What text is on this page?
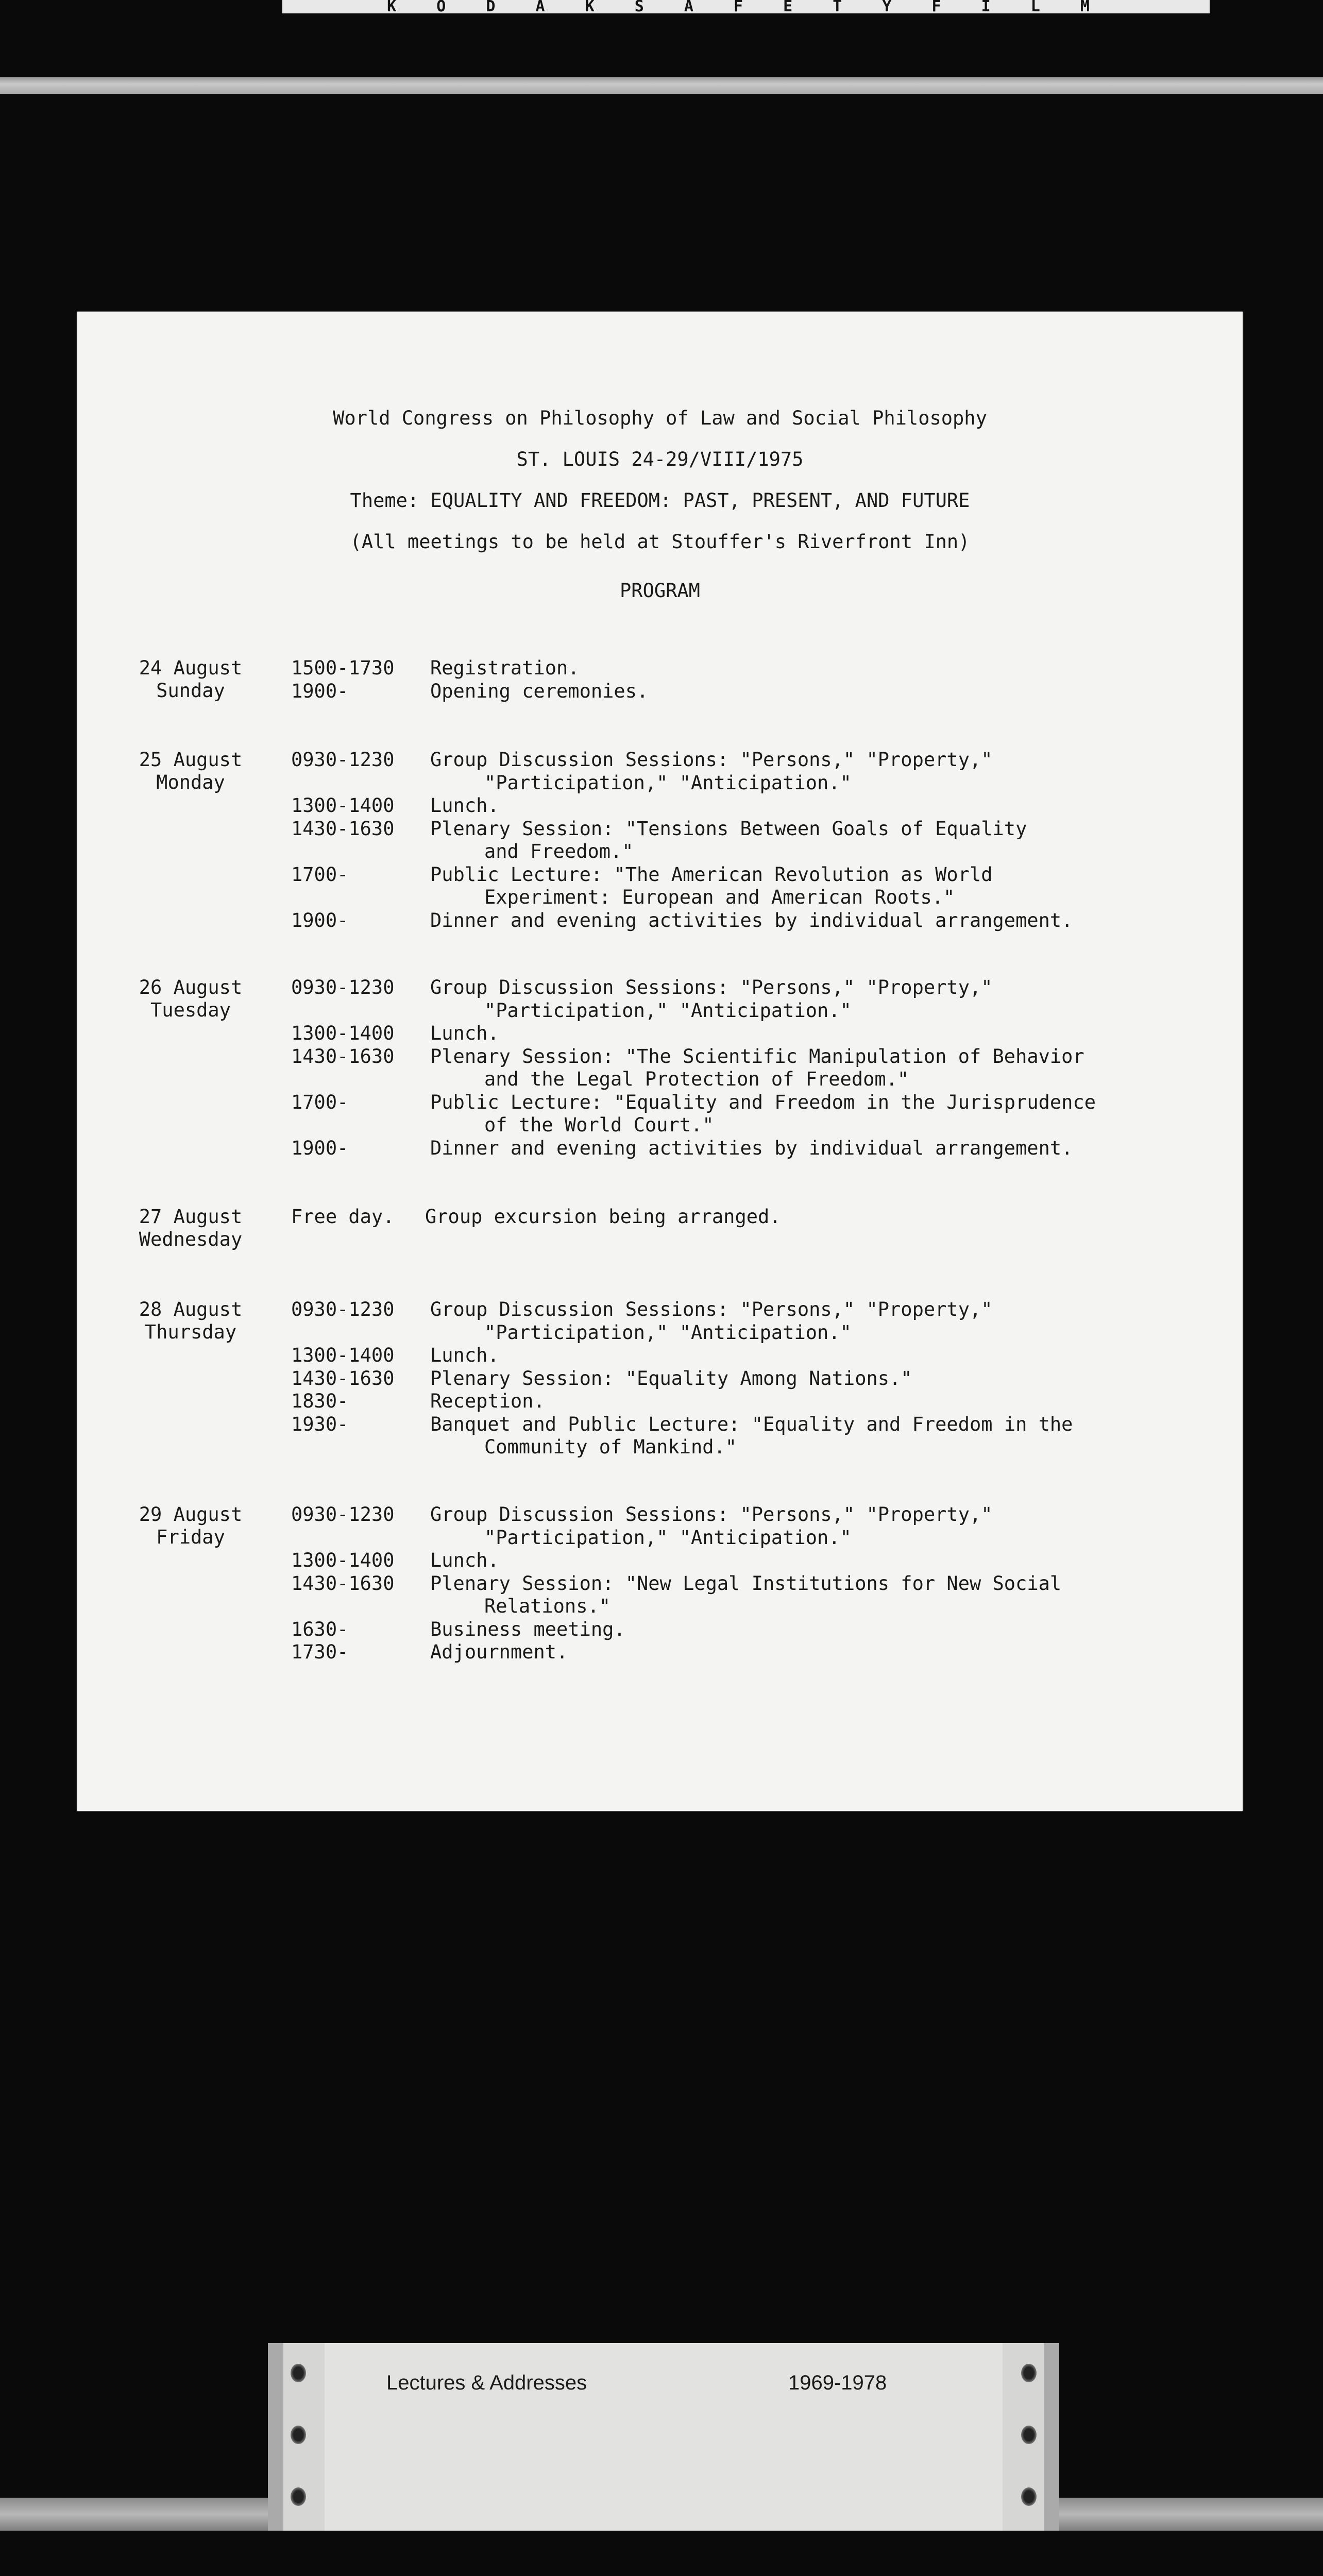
K O D A K S A F E T Y F I L M
World Congress on Philosophy of Law and Social Philosophy
ST. LOUIS 24-29/VIII/1975
Theme: EQUALITY AND FREEDOM: PAST, PRESENT, AND FUTURE
(All meetings to be held at Stouffer's Riverfront Inn)
PROGRAM
24 August
Sunday
1500-1730 Registration.
1900-	Opening ceremonies.
25 August
Monday
0930-1230 Group Discussion Sessions: "Persons," "Property,"
"Participation," "Anticipation."
1300-1400 Lunch.
1430-1630 Plenary Session: "Tensions Between Goals of Equality
and Freedom."
1700-	Public Lecture: "The American Revolution as World
Experiment: European and American Roots."
1900-	Dinner and evening activities by individual arrangement.
26 August
Tuesday
0930-1230 Group Discussion Sessions: "Persons," "Property,"
"Participation," "Anticipation."
1300-1400 Lunch.
1430-1630 Plenary Session: "The Scientific Manipulation of Behavior
and the Legal Protection of Freedom."
1700-	Public Lecture: "Equality and Freedom in the Jurisprudence
of the World Court."
1900-	Dinner and evening activities by individual arrangement.
27 August
Wednesday
Free day. Group excursion being arranged.
28 August
Thursday
0930-1230 Group Discussion Sessions: "Persons," "Property,"
"Participation," "Anticipation."
1300-1400 Lunch.
1430-1630 Plenary Session: "Equality Among Nations."
1830-	Reception.
1930-	Banquet and Public Lecture: "Equality and Freedom in the
Community of Mankind."
29 August
Friday
0930-1230 Group Discussion Sessions: "Persons," "Property,"
"Participation," "Anticipation."
1300-1400 Lunch.
1430-1630 Plenary Session: "New Legal Institutions for New Social
Relations."
1630-	Business meeting.
1730-	Adjournment.
Lectures & Addresses	1969-1978
